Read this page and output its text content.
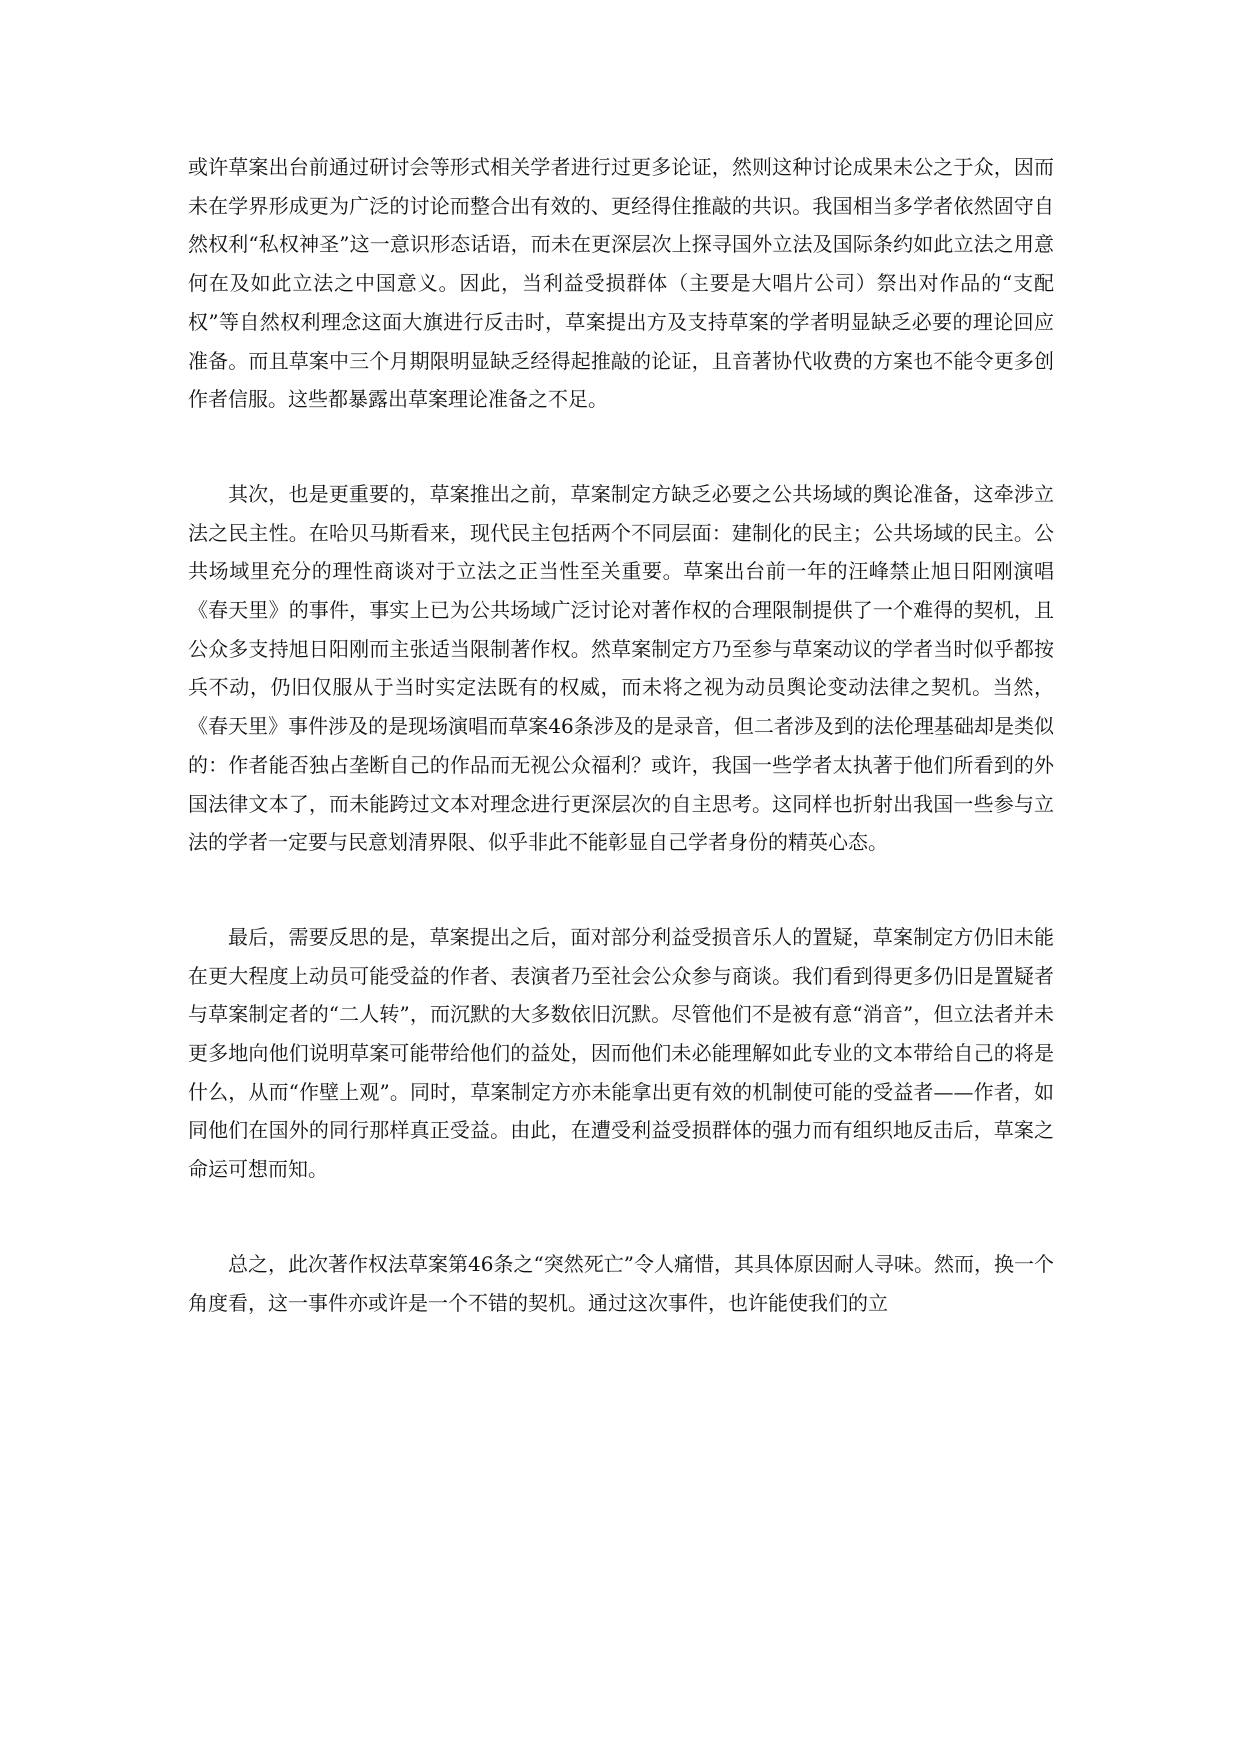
或许草案出台前通过研讨会等形式相关学者进行过更多论证，然则这种讨论成果未公之于众，因而未在学界形成更为广泛的讨论而整合出有效的、更经得住推敲的共识。我国相当多学者依然固守自然权利“私权神圣”这一意识形态话语，而未在更深层次上探寻国外立法及国际条约如此立法之用意何在及如此立法之中国意义。因此，当利益受损群体（主要是大唱片公司）祭出对作品的“支配权”等自然权利理念这面大旗进行反击时，草案提出方及支持草案的学者明显缺乏必要的理论回应准备。而且草案中三个月期限明显缺乏经得起推敲的论证，且音著协代收费的方案也不能令更多创作者信服。这些都暴露出草案理论准备之不足。

其次，也是更重要的，草案推出之前，草案制定方缺乏必要之公共场域的舆论准备，这牵涉立法之民主性。在哈贝马斯看来，现代民主包括两个不同层面：建制化的民主；公共场域的民主。公共场域里充分的理性商谈对于立法之正当性至关重要。草案出台前一年的汪峰禁止旭日阳刚演唱《春天里》的事件，事实上已为公共场域广泛讨论对著作权的合理限制提供了一个难得的契机，且公众多支持旭日阳刚而主张适当限制著作权。然草案制定方乃至参与草案动议的学者当时似乎都按兵不动，仍旧仅服从于当时实定法既有的权威，而未将之视为动员舆论变动法律之契机。当然，《春天里》事件涉及的是现场演唱而草案46条涉及的是录音，但二者涉及到的法伦理基础却是类似的：作者能否独占垄断自己的作品而无视公众福利？或许，我国一些学者太执著于他们所看到的外国法律文本了，而未能跨过文本对理念进行更深层次的自主思考。这同样也折射出我国一些参与立法的学者一定要与民意划清界限、似乎非此不能彰显自己学者身份的精英心态。

最后，需要反思的是，草案提出之后，面对部分利益受损音乐人的置疑，草案制定方仍旧未能在更大程度上动员可能受益的作者、表演者乃至社会公众参与商谈。我们看到得更多仍旧是置疑者与草案制定者的“二人转”，而沉默的大多数依旧沉默。尽管他们不是被有意“消音”，但立法者并未更多地向他们说明草案可能带给他们的益处，因而他们未必能理解如此专业的文本带给自己的将是什么，从而“作壁上观”。同时，草案制定方亦未能拿出更有效的机制使可能的受益者——作者，如同他们在国外的同行那样真正受益。由此，在遭受利益受损群体的强力而有组织地反击后，草案之命运可想而知。

总之，此次著作权法草案第46条之“突然死亡”令人痛惜，其具体原因耐人寻味。然而，换一个角度看，这一事件亦或许是一个不错的契机。通过这次事件，也许能使我们的立
